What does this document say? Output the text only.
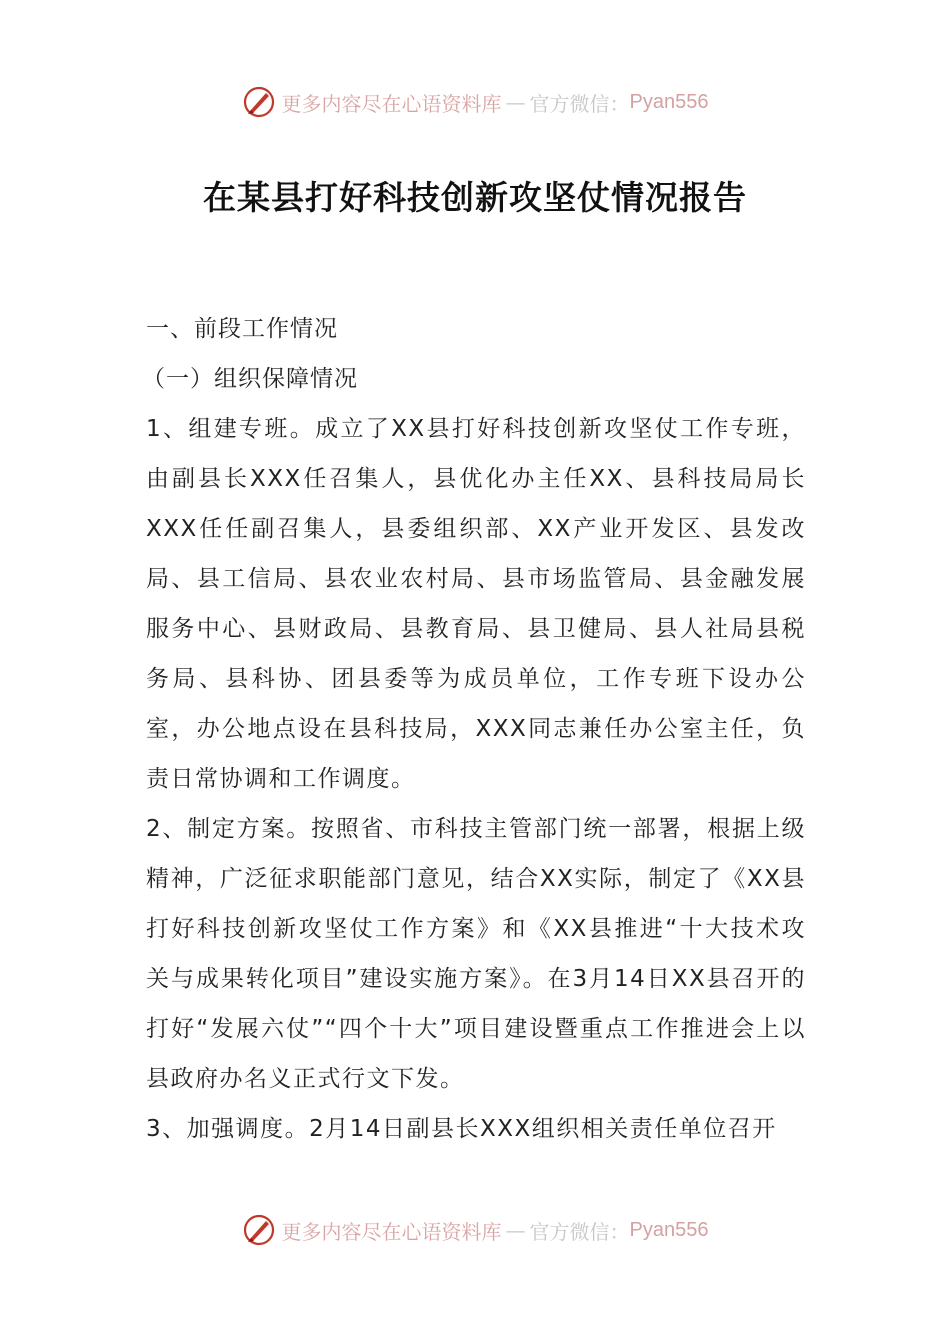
更多内容尽在心语资料库 — 官方微信： Pyan556
在某县打好科技创新攻坚仗情况报告

一、前段工作情况

（一）组织保障情况

1、组建专班。成立了XX县打好科技创新攻坚仗工作专班，由副县长XXX任召集人，县优化办主任XX、县科技局局长XXX任任副召集人，县委组织部、XX产业开发区、县发改局、县工信局、县农业农村局、县市场监管局、县金融发展服务中心、县财政局、县教育局、县卫健局、县人社局县税务局、县科协、团县委等为成员单位，工作专班下设办公室，办公地点设在县科技局，XXX同志兼任办公室主任，负责日常协调和工作调度。

2、制定方案。按照省、市科技主管部门统一部署，根据上级精神，广泛征求职能部门意见，结合XX实际，制定了《XX县打好科技创新攻坚仗工作方案》和《XX县推进“十大技术攻关与成果转化项目”建设实施方案》。在3月14日XX县召开的打好“发展六仗”“四个十大”项目建设暨重点工作推进会上以县政府办名义正式行文下发。

3、加强调度。2月14日副县长XXX组织相关责任单位召开

更多内容尽在心语资料库 — 官方微信： Pyan556
